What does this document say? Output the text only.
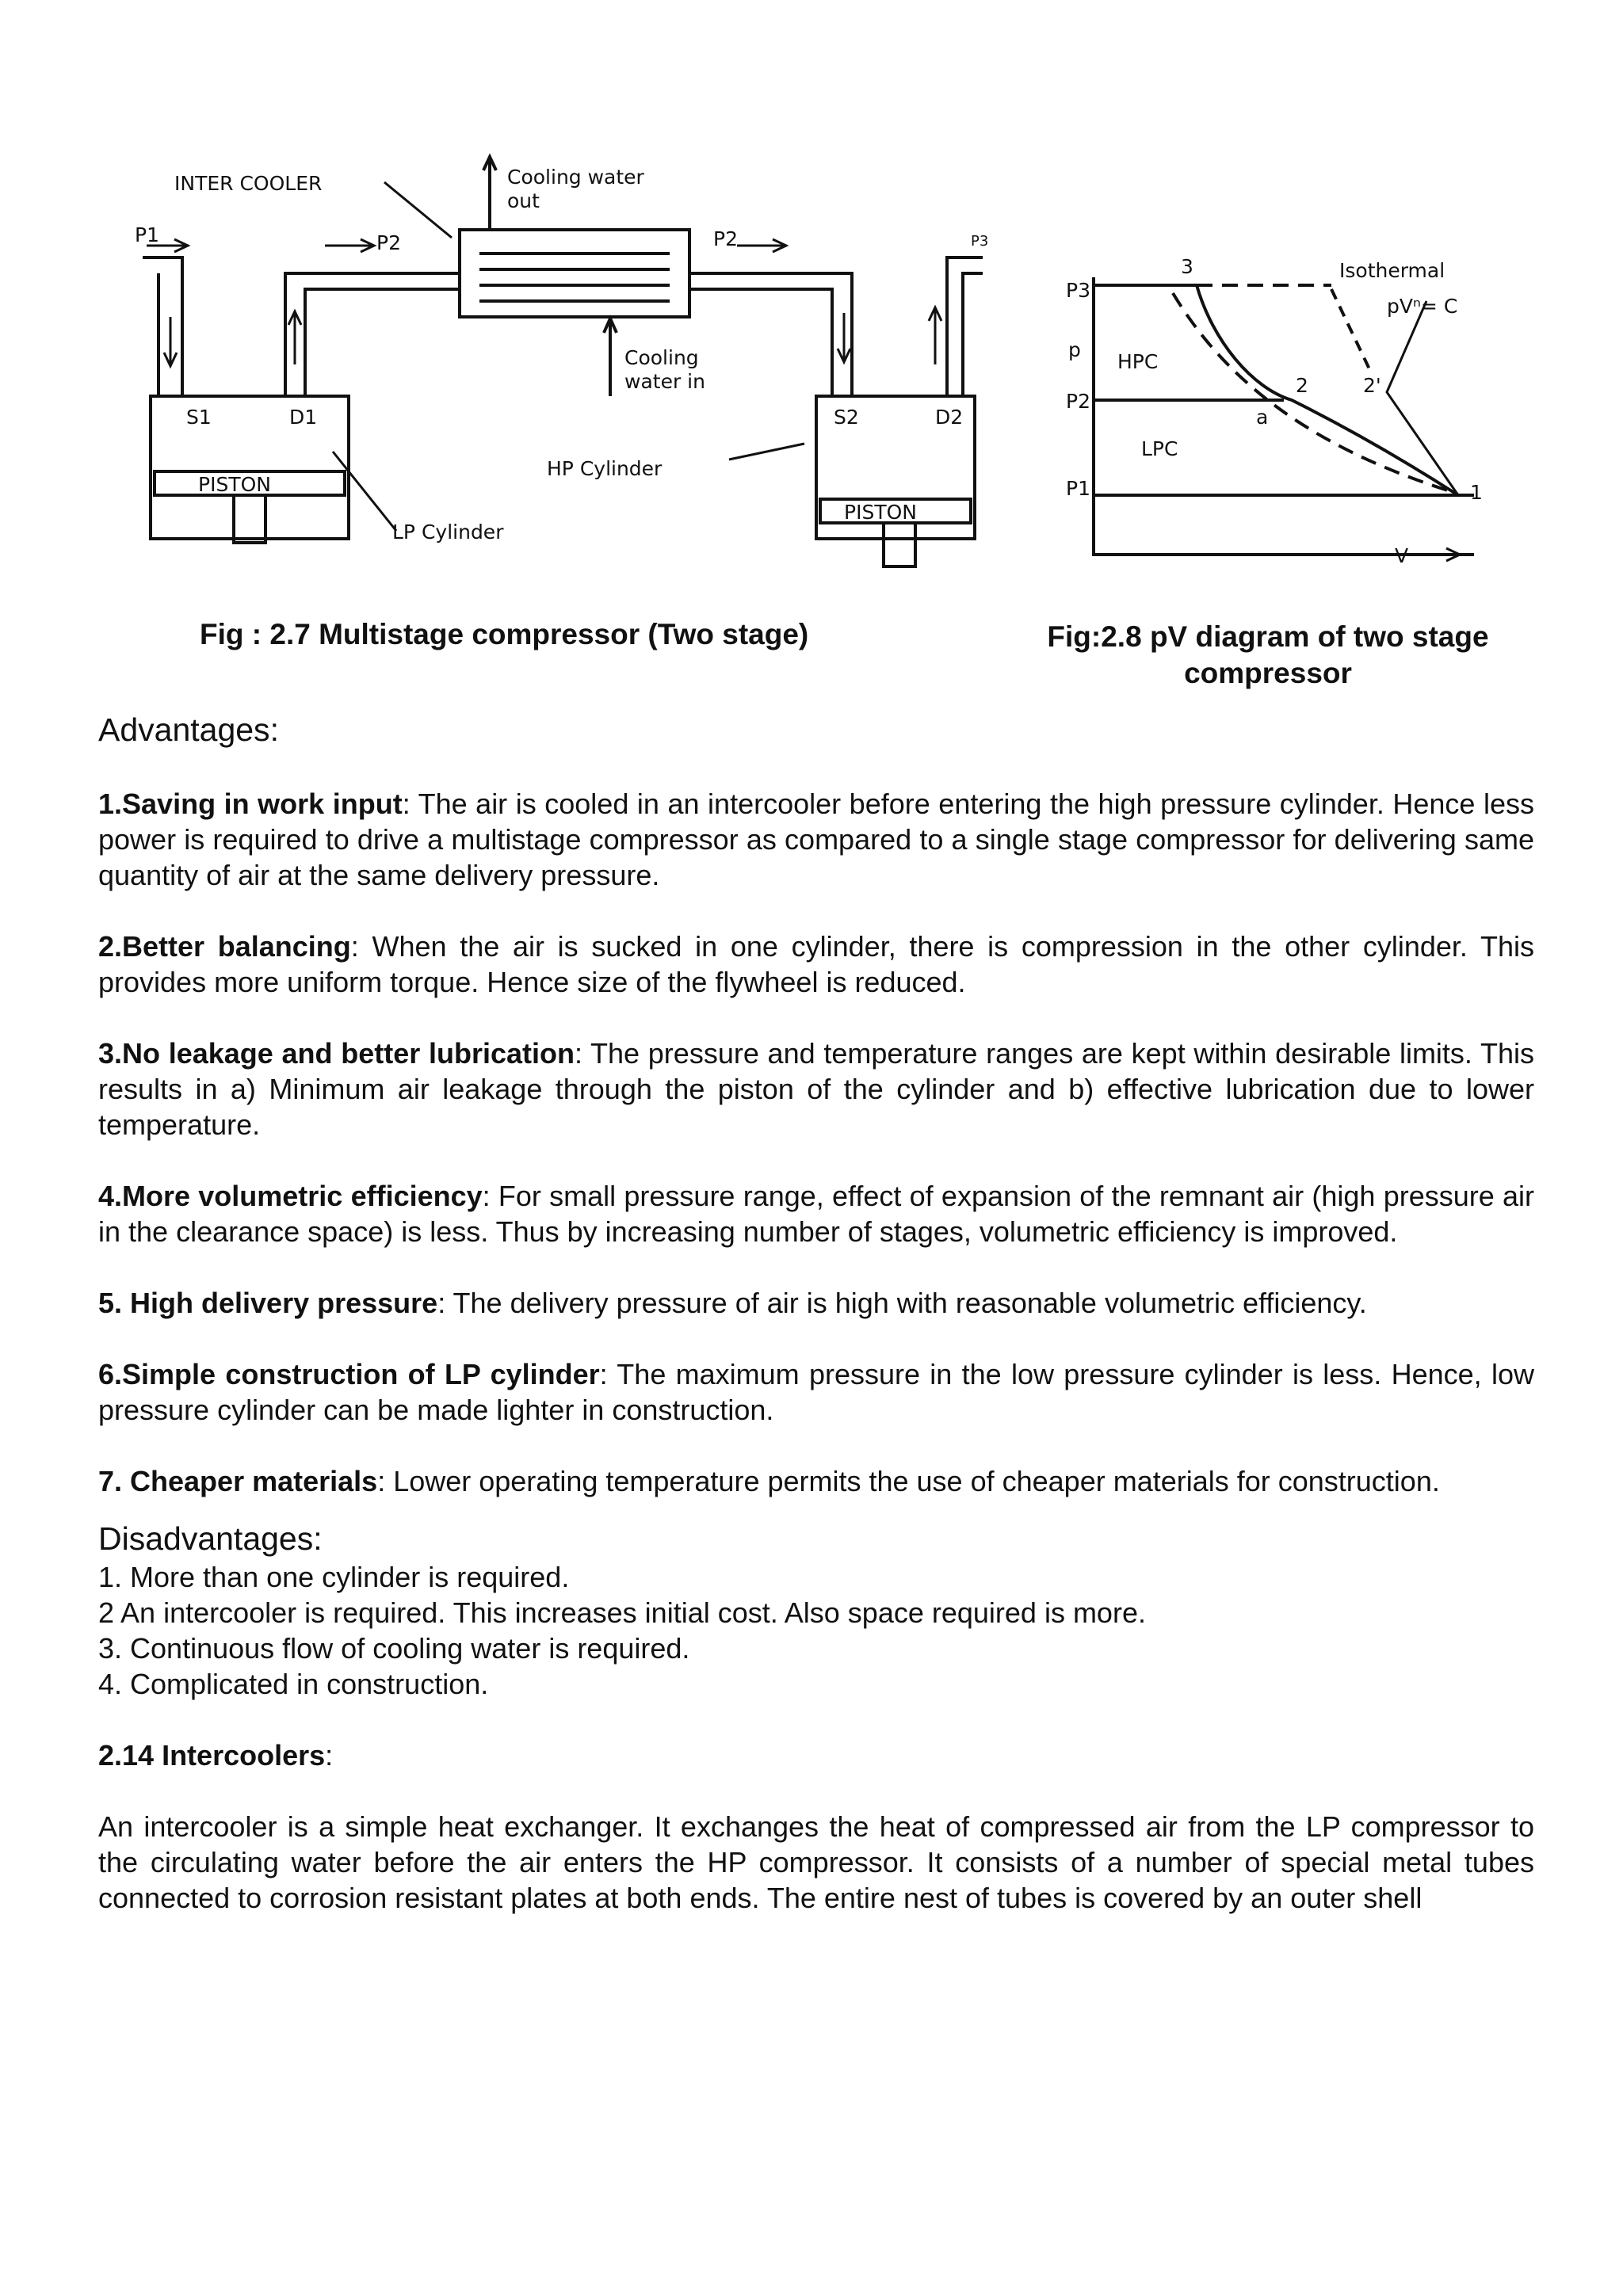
INTER COOLER	Cooling water
out
Cooling
water in
P1	P2	P2	P3
S1	D1	S2	D2
PISTON
PISTON
HP Cylinder
LP Cylinder
P3
p
P2
P1
HPC
LPC
3
2	2'
a
1
Isothermal
pVⁿ= C
V
Fig : 2.7 Multistage compressor (Two stage)	Fig:2.8 pV diagram of two stage
compressor
Advantages:

1.Saving in work input: The air is cooled in an intercooler before entering the high pressure cylinder. Hence less power is required to drive a multistage compressor as compared to a single stage compressor for delivering same quantity of air at the same delivery pressure.

2.Better balancing: When the air is sucked in one cylinder, there is compression in the other cylinder. This provides more uniform torque. Hence size of the flywheel is reduced.

3.No leakage and better lubrication: The pressure and temperature ranges are kept within desirable limits. This results in a) Minimum air leakage through the piston of the cylinder and b) effective lubrication due to lower temperature.

4.More volumetric efficiency: For small pressure range, effect of expansion of the remnant air (high pressure air in the clearance space) is less. Thus by increasing number of stages, volumetric efficiency is improved.

5. High delivery pressure: The delivery pressure of air is high with reasonable volumetric efficiency.

6.Simple construction of LP cylinder: The maximum pressure in the low pressure cylinder is less. Hence, low pressure cylinder can be made lighter in construction.

7. Cheaper materials: Lower operating temperature permits the use of cheaper materials for construction.

Disadvantages:
1. More than one cylinder is required.
2 An intercooler is required. This increases initial cost. Also space required is more.
3. Continuous flow of cooling water is required.
4. Complicated in construction.
2.14 Intercoolers:

An intercooler is a simple heat exchanger. It exchanges the heat of compressed air from the LP compressor to the circulating water before the air enters the HP compressor. It consists of a number of special metal tubes connected to corrosion resistant plates at both ends. The entire nest of tubes is covered by an outer shell
